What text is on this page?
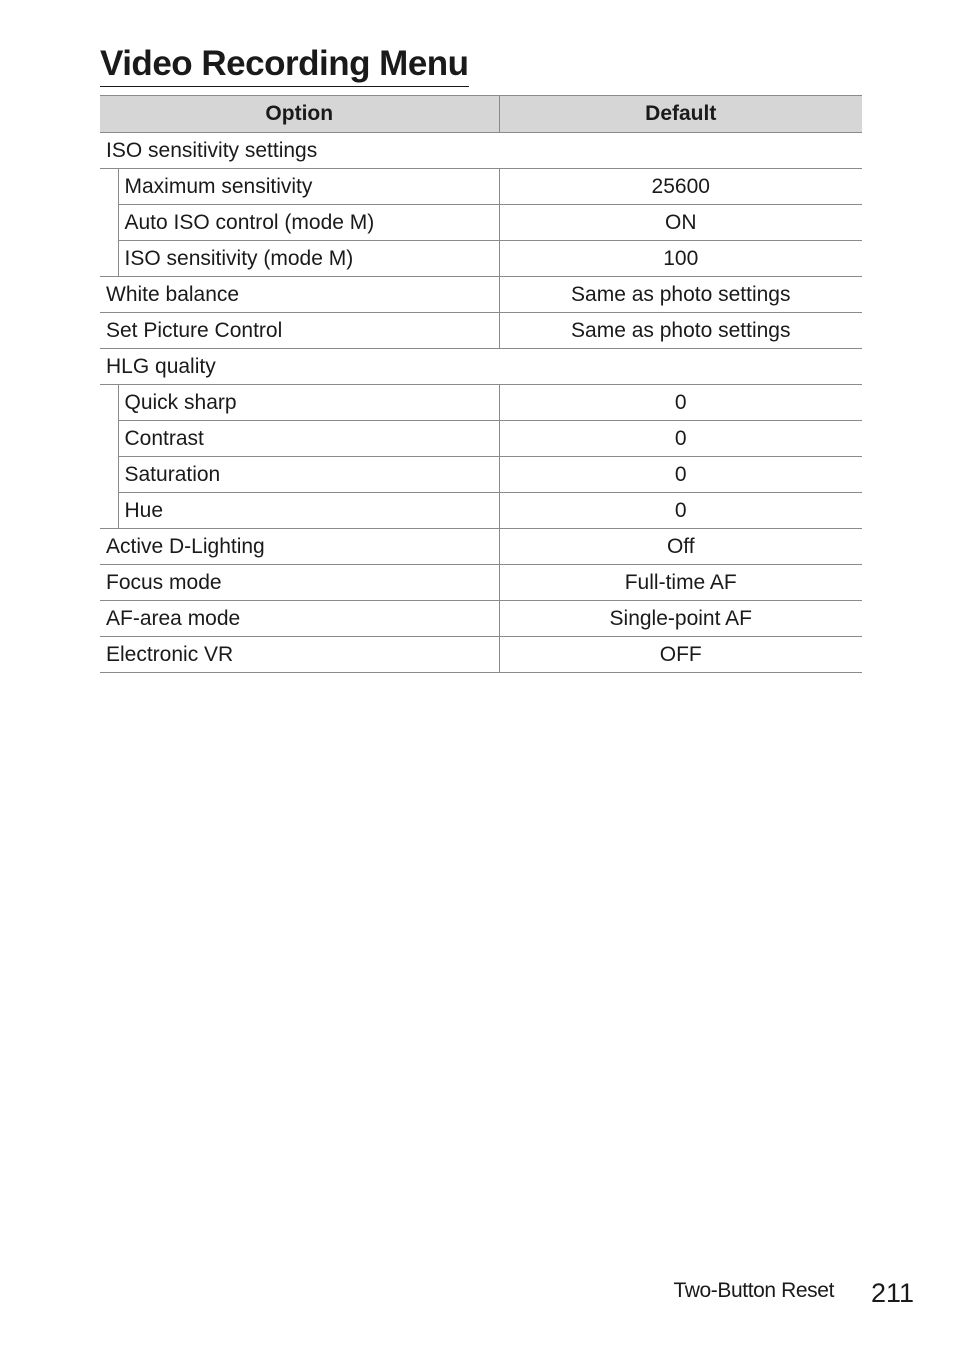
Video Recording Menu
Option		Default
ISO sensitivity settings		
	Maximum sensitivity	25600
	Auto ISO control (mode M)	ON
	ISO sensitivity (mode M)	100
White balance		Same as photo settings
Set Picture Control		Same as photo settings
HLG quality		
	Quick sharp	0
	Contrast	0
	Saturation	0
	Hue	0
Active D-Lighting		Off
Focus mode		Full-time AF
AF-area mode		Single-point AF
Electronic VR		OFF
Two-Button Reset 211
